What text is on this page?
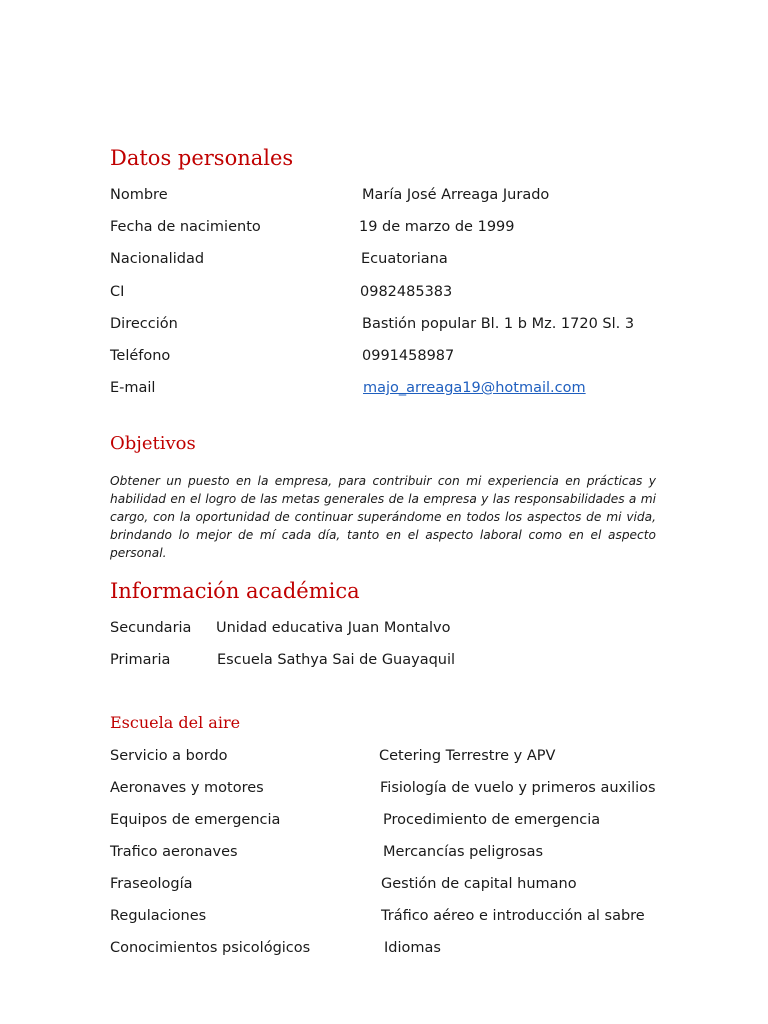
Datos personales
Nombre	María José Arreaga Jurado
Fecha de nacimiento	19 de marzo de 1999
Nacionalidad	Ecuatoriana
CI	0982485383
Dirección	Bastión popular Bl. 1 b Mz. 1720 Sl. 3
Teléfono	0991458987
E-mail	majo_arreaga19@hotmail.com
Objetivos

Obtener un puesto en la empresa, para contribuir con mi experiencia en prácticas y habilidad en el logro de las metas generales de la empresa y las responsabilidades a mi cargo, con la oportunidad de continuar superándome en todos los aspectos de mi vida, brindando lo mejor de mí cada día, tanto en el aspecto laboral como en el aspecto personal.

Información académica
Secundaria Unidad educativa Juan Montalvo
Primaria	Escuela Sathya Sai de Guayaquil
Escuela del aire
Servicio a bordo	Cetering Terrestre y APV
Aeronaves y motores	Fisiología de vuelo y primeros auxilios
Equipos de emergencia	Procedimiento de emergencia
Trafico aeronaves	Mercancías peligrosas
Fraseología	Gestión de capital humano
Regulaciones	Tráfico aéreo e introducción al sabre
Conocimientos psicológicos	Idiomas
